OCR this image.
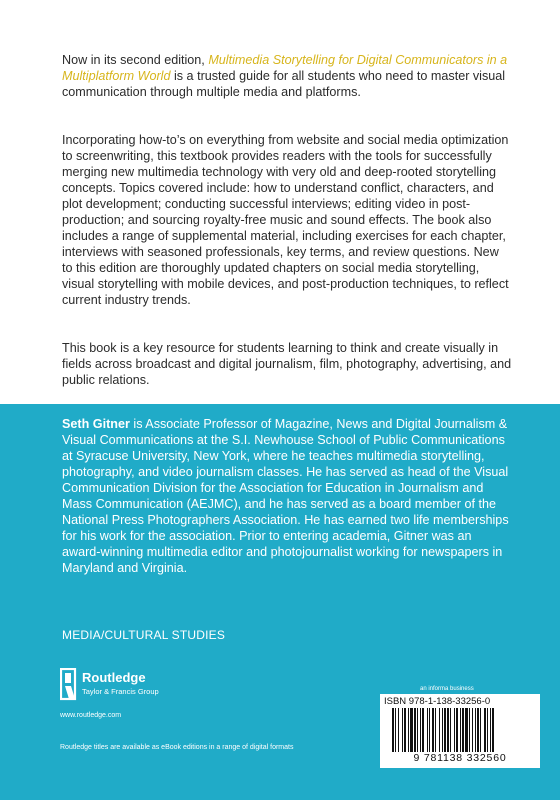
Now in its second edition, Multimedia Storytelling for Digital Communicators in a Multiplatform World is a trusted guide for all students who need to master visual communication through multiple media and platforms.

Incorporating how-to’s on everything from website and social media optimization to screenwriting, this textbook provides readers with the tools for successfully merging new multimedia technology with very old and deep-rooted storytelling concepts. Topics covered include: how to understand conflict, characters, and plot development; conducting successful interviews; editing video in post-production; and sourcing royalty-free music and sound effects. The book also includes a range of supplemental material, including exercises for each chapter, interviews with seasoned professionals, key terms, and review questions. New to this edition are thoroughly updated chapters on social media storytelling, visual storytelling with mobile devices, and post-production techniques, to reflect current industry trends.

This book is a key resource for students learning to think and create visually in fields across broadcast and digital journalism, film, photography, advertising, and public relations.

Seth Gitner is Associate Professor of Magazine, News and Digital Journalism & Visual Communications at the S.I. Newhouse School of Public Communications at Syracuse University, New York, where he teaches multimedia storytelling, photography, and video journalism classes. He has served as head of the Visual Communication Division for the Association for Education in Journalism and Mass Communication (AEJMC), and he has served as a board member of the National Press Photographers Association. He has earned two life memberships for his work for the association. Prior to entering academia, Gitner was an award-winning multimedia editor and photojournalist working for newspapers in Maryland and Virginia.

MEDIA/CULTURAL STUDIES
Routledge
Taylor & Francis Group
www.routledge.com
Routledge titles are available as eBook editions in a range of digital formats
an informa business
ISBN 978-1-138-33256-0
9 781138 332560
